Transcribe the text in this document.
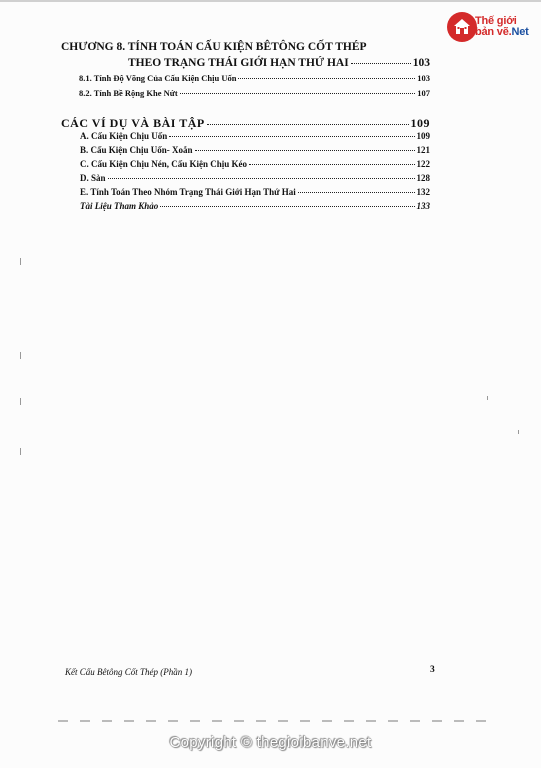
Thế giới
bản vẽ.Net
CHƯƠNG 8. TÍNH TOÁN CẤU KIỆN BÊTÔNG CỐT THÉP
THEO TRẠNG THÁI GIỚI HẠN THỨ HAI	103
8.1. Tính Độ Võng Của Cấu Kiện Chịu Uốn	103
8.2. Tính Bề Rộng Khe Nứt	107
CÁC VÍ DỤ VÀ BÀI TẬP	109
A. Cấu Kiện Chịu Uốn	109
B. Cấu Kiện Chịu Uốn- Xoắn	121
C. Cấu Kiện Chịu Nén, Cấu Kiện Chịu Kéo	122
D. Sàn	128
E. Tính Toán Theo Nhóm Trạng Thái Giới Hạn Thứ Hai	132
Tài Liệu Tham Khảo	133
Kết Cấu Bêtông Cốt Thép (Phần 1)	3
Copyright © thegioibanve.net
